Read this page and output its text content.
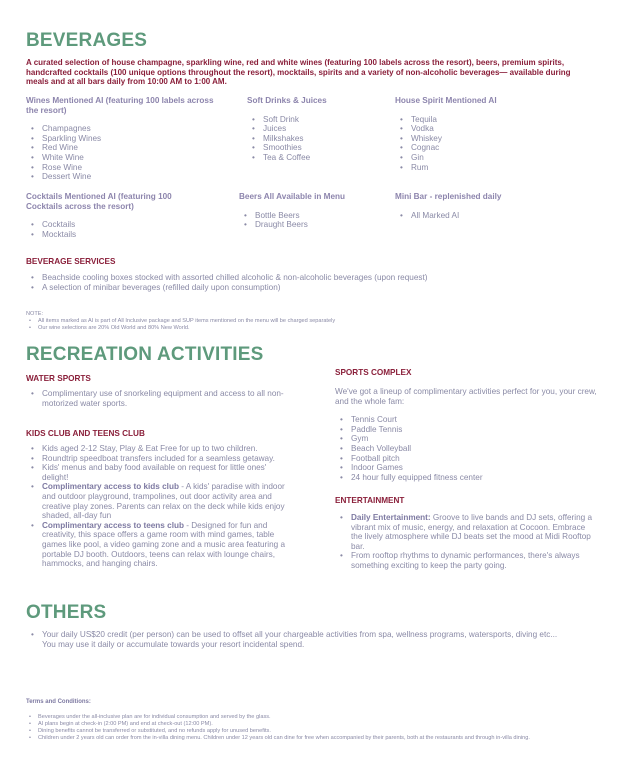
BEVERAGES
A curated selection of house champagne, sparkling wine, red and white wines (featuring 100 labels across the resort), beers, premium spirits, handcrafted cocktails (100 unique options throughout the resort), mocktails, spirits and a variety of non-alcoholic beverages— available during meals and at all bars daily from 10:00 AM to 1:00 AM.
Wines Mentioned AI (featuring 100 labels across the resort)
• Champagnes
• Sparkling Wines
• Red Wine
• White Wine
• Rose Wine
• Dessert Wine
Soft Drinks & Juices
• Soft Drink
• Juices
• Milkshakes
• Smoothies
• Tea & Coffee
House Spirit Mentioned AI
• Tequila
• Vodka
• Whiskey
• Cognac
• Gin
• Rum
Cocktails Mentioned AI (featuring 100 Cocktails across the resort)
• Cocktails
• Mocktails
Beers All Available in Menu
• Bottle Beers
• Draught Beers
Mini Bar - replenished daily
• All Marked AI
BEVERAGE SERVICES
• Beachside cooling boxes stocked with assorted chilled alcoholic & non-alcoholic beverages (upon request)
• A selection of minibar beverages (refilled daily upon consumption)
NOTE:
• All items marked as AI is part of All Inclusive package and SUP items mentioned on the menu will be charged separately
• Our wine selections are 20% Old World and 80% New World.
RECREATION ACTIVITIES
WATER SPORTS
• Complimentary use of snorkeling equipment and access to all non-motorized water sports.
KIDS CLUB AND TEENS CLUB
• Kids aged 2-12 Stay, Play & Eat Free for up to two children.
• Roundtrip speedboat transfers included for a seamless getaway.
• Kids' menus and baby food available on request for little ones' delight!
• Complimentary access to kids club - A kids' paradise with indoor and outdoor playground, trampolines, out door activity area and creative play zones. Parents can relax on the deck while kids enjoy shaded, all-day fun
• Complimentary access to teens club - Designed for fun and creativity, this space offers a game room with mind games, table games like pool, a video gaming zone and a music area featuring a portable DJ booth. Outdoors, teens can relax with lounge chairs, hammocks, and hanging chairs.
SPORTS COMPLEX
We've got a lineup of complimentary activities perfect for you, your crew, and the whole fam:
• Tennis Court
• Paddle Tennis
• Gym
• Beach Volleyball
• Football pitch
• Indoor Games
• 24 hour fully equipped fitness center
ENTERTAINMENT
• Daily Entertainment: Groove to live bands and DJ sets, offering a vibrant mix of music, energy, and relaxation at Cocoon. Embrace the lively atmosphere while DJ beats set the mood at Midi Rooftop bar.
• From rooftop rhythms to dynamic performances, there's always something exciting to keep the party going.
OTHERS
• Your daily US$20 credit (per person) can be used to offset all your chargeable activities from spa, wellness programs, watersports, diving etc...
You may use it daily or accumulate towards your resort incidental spend.
Terms and Conditions:
• Beverages under the all-inclusive plan are for individual consumption and served by the glass.
• AI plans begin at check-in (2:00 PM) and end at check-out (12:00 PM).
• Dining benefits cannot be transferred or substituted, and no refunds apply for unused benefits.
• Children under 2 years old can order from the in-villa dining menu. Children under 12 years old can dine for free when accompanied by their parents, both at the restaurants and through in-villa dining.
